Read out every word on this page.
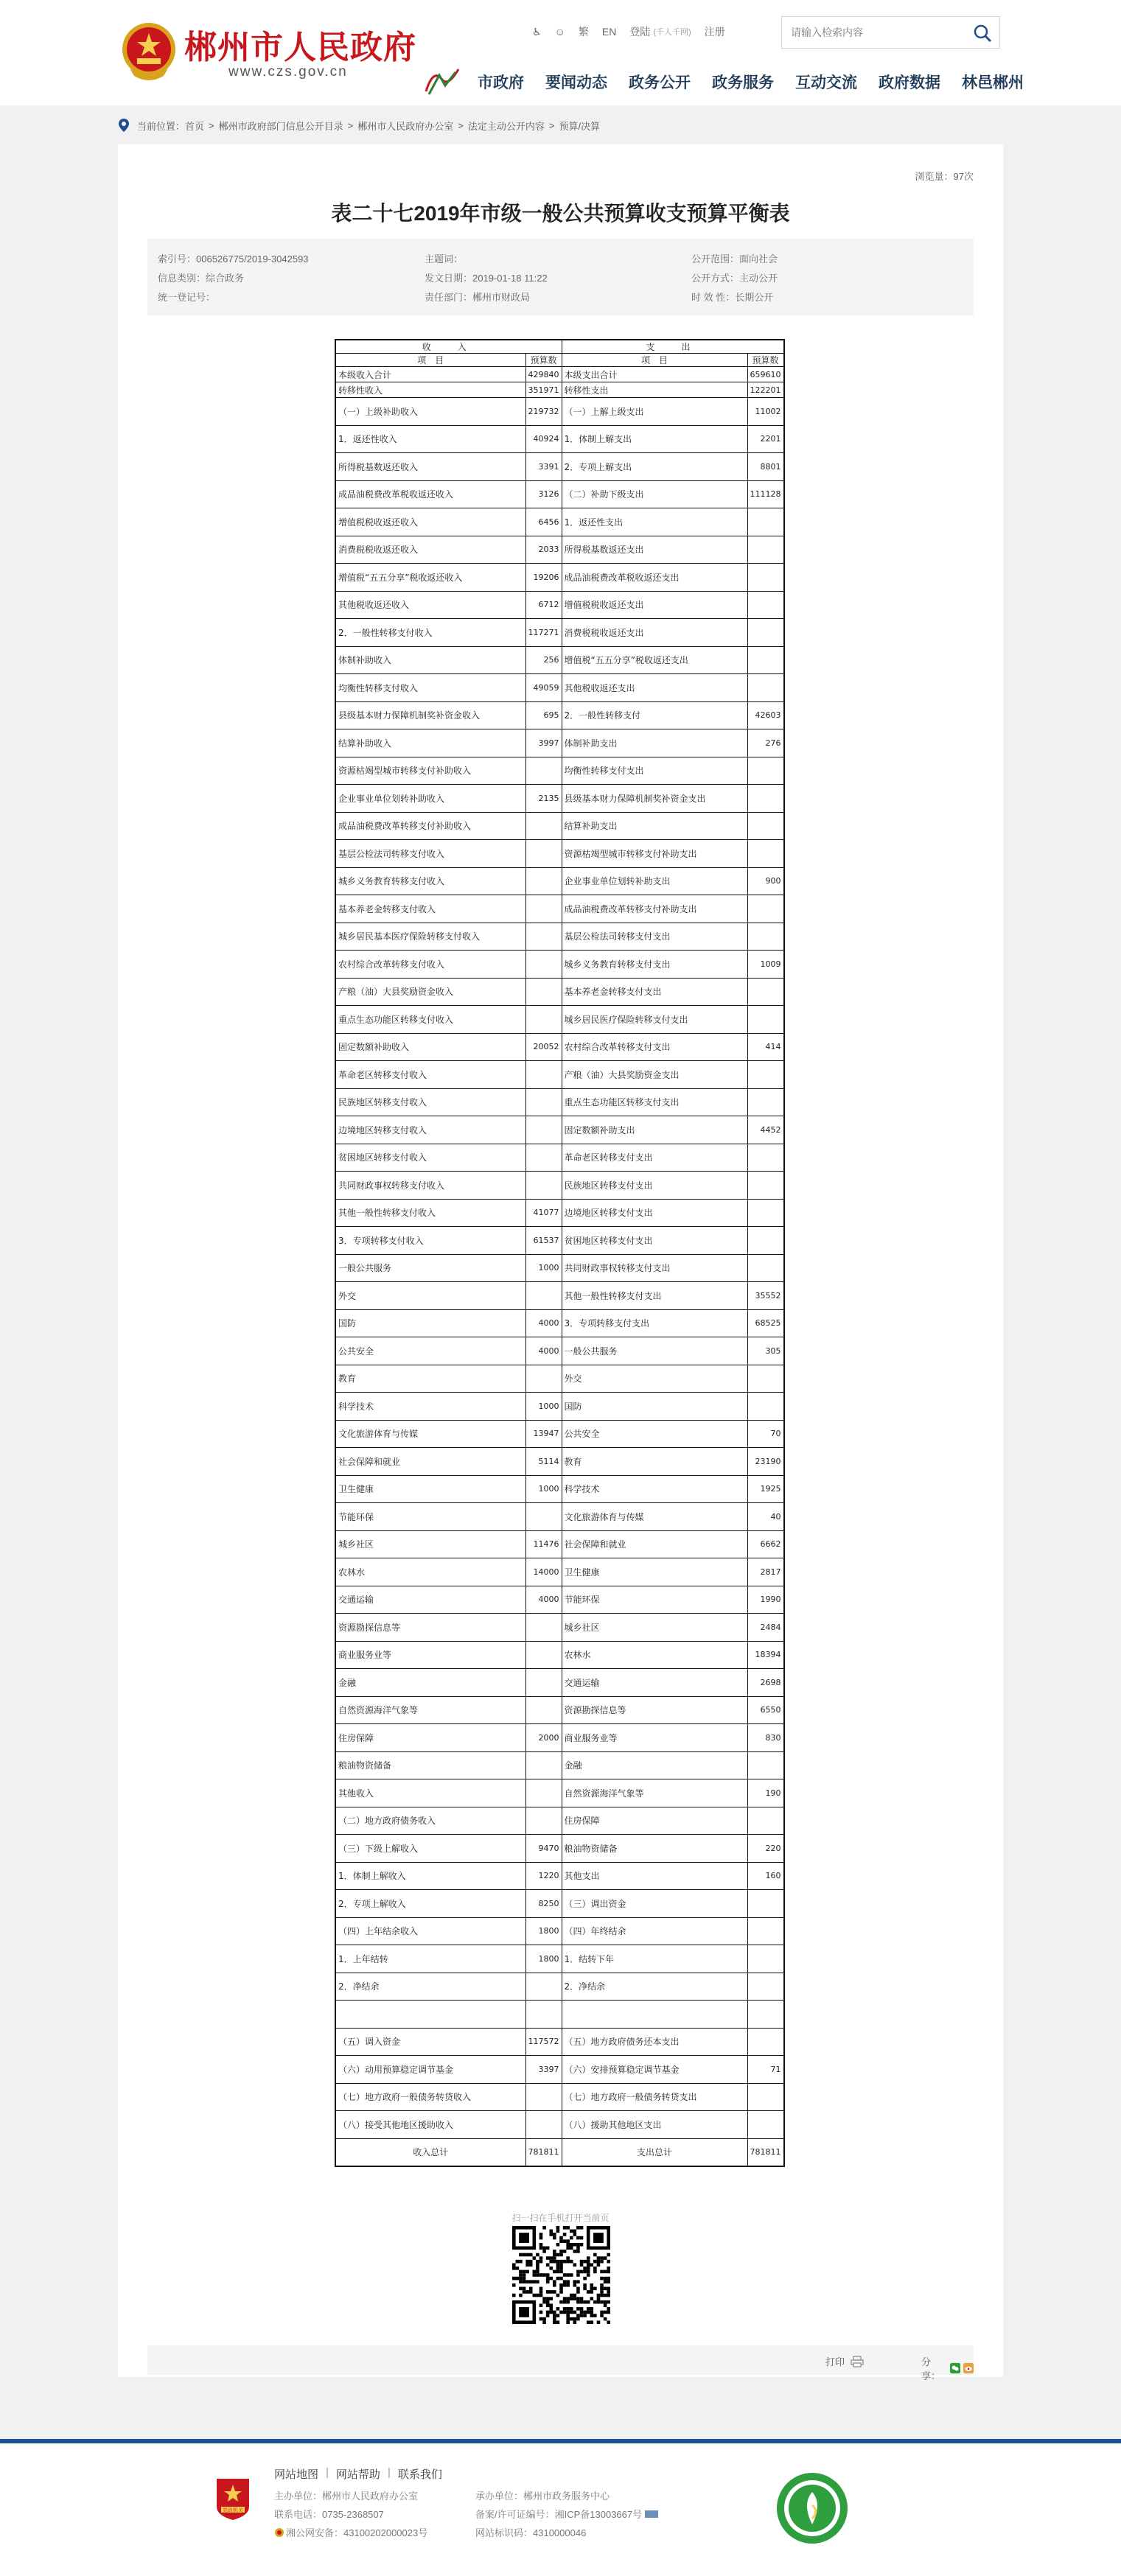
郴州市人民政府
www.czs.gov.cn
♿ ☺ 繁 EN 登陆 (千人千网) 注册
请输入检索内容
市政府 要闻动态 政务公开 政务服务 互动交流 政府数据 林邑郴州
当前位置： 首页 > 郴州市政府部门信息公开目录 > 郴州市人民政府办公室 > 法定主动公开内容 > 预算/决算
浏览量：97次
表二十七2019年市级一般公共预算收支预算平衡表
索引号：006526775/2019-3042593
信息类别：综合政务
统一登记号：
主题词：
发文日期：2019-01-18 11:22
责任部门：郴州市财政局
公开范围：面向社会
公开方式：主动公开
时 效 性：长期公开
收　入		支　出	
项　目	预算数	项　目	预算数
本级收入合计	429840	本级支出合计	659610
转移性收入	351971	转移性支出	122201
（一）上级补助收入	219732	（一）上解上级支出	11002
1．返还性收入	40924	1．体制上解支出	2201
所得税基数返还收入	3391	2．专项上解支出	8801
成品油税费改革税收返还收入	3126	（二）补助下级支出	111128
增值税税收返还收入	6456	1．返还性支出	
消费税税收返还收入	2033	所得税基数返还支出	
增值税“五五分享”税收返还收入	19206	成品油税费改革税收返还支出	
其他税收返还收入	6712	增值税税收返还支出	
2．一般性转移支付收入	117271	消费税税收返还支出	
体制补助收入	256	增值税“五五分享”税收返还支出	
均衡性转移支付收入	49059	其他税收返还支出	
县级基本财力保障机制奖补资金收入	695	2．一般性转移支付	42603
结算补助收入	3997	体制补助支出	276
资源枯竭型城市转移支付补助收入		均衡性转移支付支出	
企业事业单位划转补助收入	2135	县级基本财力保障机制奖补资金支出	
成品油税费改革转移支付补助收入		结算补助支出	
基层公检法司转移支付收入		资源枯竭型城市转移支付补助支出	
城乡义务教育转移支付收入		企业事业单位划转补助支出	900
基本养老金转移支付收入		成品油税费改革转移支付补助支出	
城乡居民基本医疗保险转移支付收入		基层公检法司转移支付支出	
农村综合改革转移支付收入		城乡义务教育转移支付支出	1009
产粮（油）大县奖励资金收入		基本养老金转移支付支出	
重点生态功能区转移支付收入		城乡居民医疗保险转移支付支出	
固定数额补助收入	20052	农村综合改革转移支付支出	414
革命老区转移支付收入		产粮（油）大县奖励资金支出	
民族地区转移支付收入		重点生态功能区转移支付支出	
边境地区转移支付收入		固定数额补助支出	4452
贫困地区转移支付收入		革命老区转移支付支出	
共同财政事权转移支付收入		民族地区转移支付支出	
其他一般性转移支付收入	41077	边境地区转移支付支出	
3．专项转移支付收入	61537	贫困地区转移支付支出	
一般公共服务	1000	共同财政事权转移支付支出	
外交		其他一般性转移支付支出	35552
国防	4000	3．专项转移支付支出	68525
公共安全	4000	一般公共服务	305
教育		外交	
科学技术	1000	国防	
文化旅游体育与传媒	13947	公共安全	70
社会保障和就业	5114	教育	23190
卫生健康	1000	科学技术	1925
节能环保		文化旅游体育与传媒	40
城乡社区	11476	社会保障和就业	6662
农林水	14000	卫生健康	2817
交通运输	4000	节能环保	1990
资源勘探信息等		城乡社区	2484
商业服务业等		农林水	18394
金融		交通运输	2698
自然资源海洋气象等		资源勘探信息等	6550
住房保障	2000	商业服务业等	830
粮油物资储备		金融	
其他收入		自然资源海洋气象等	190
（二）地方政府债务收入		住房保障	
（三）下级上解收入	9470	粮油物资储备	220
1．体制上解收入	1220	其他支出	160
2．专项上解收入	8250	（三）调出资金	
（四）上年结余收入	1800	（四）年终结余	
1．上年结转	1800	1．结转下年	
2．净结余		2．净结余	

（五）调入资金	117572	（五）地方政府债务还本支出	
（六）动用预算稳定调节基金	3397	（六）安排预算稳定调节基金	71
（七）地方政府一般债务转贷收入		（七）地方政府一般债务转贷支出	
（八）接受其他地区援助收入		（八）援助其他地区支出	
收入总计	781811	支出总计	781811
扫一扫在手机打开当前页
打印	分享：
党政机关
网站地图 | 网站帮助 | 联系我们
主办单位：郴州市人民政府办公室
联系电话：0735-2368507
湘公网安备：43100202000023号
承办单位：郴州市政务服务中心
备案/许可证编号：湘ICP备13003667号
网站标识码：4310000046
